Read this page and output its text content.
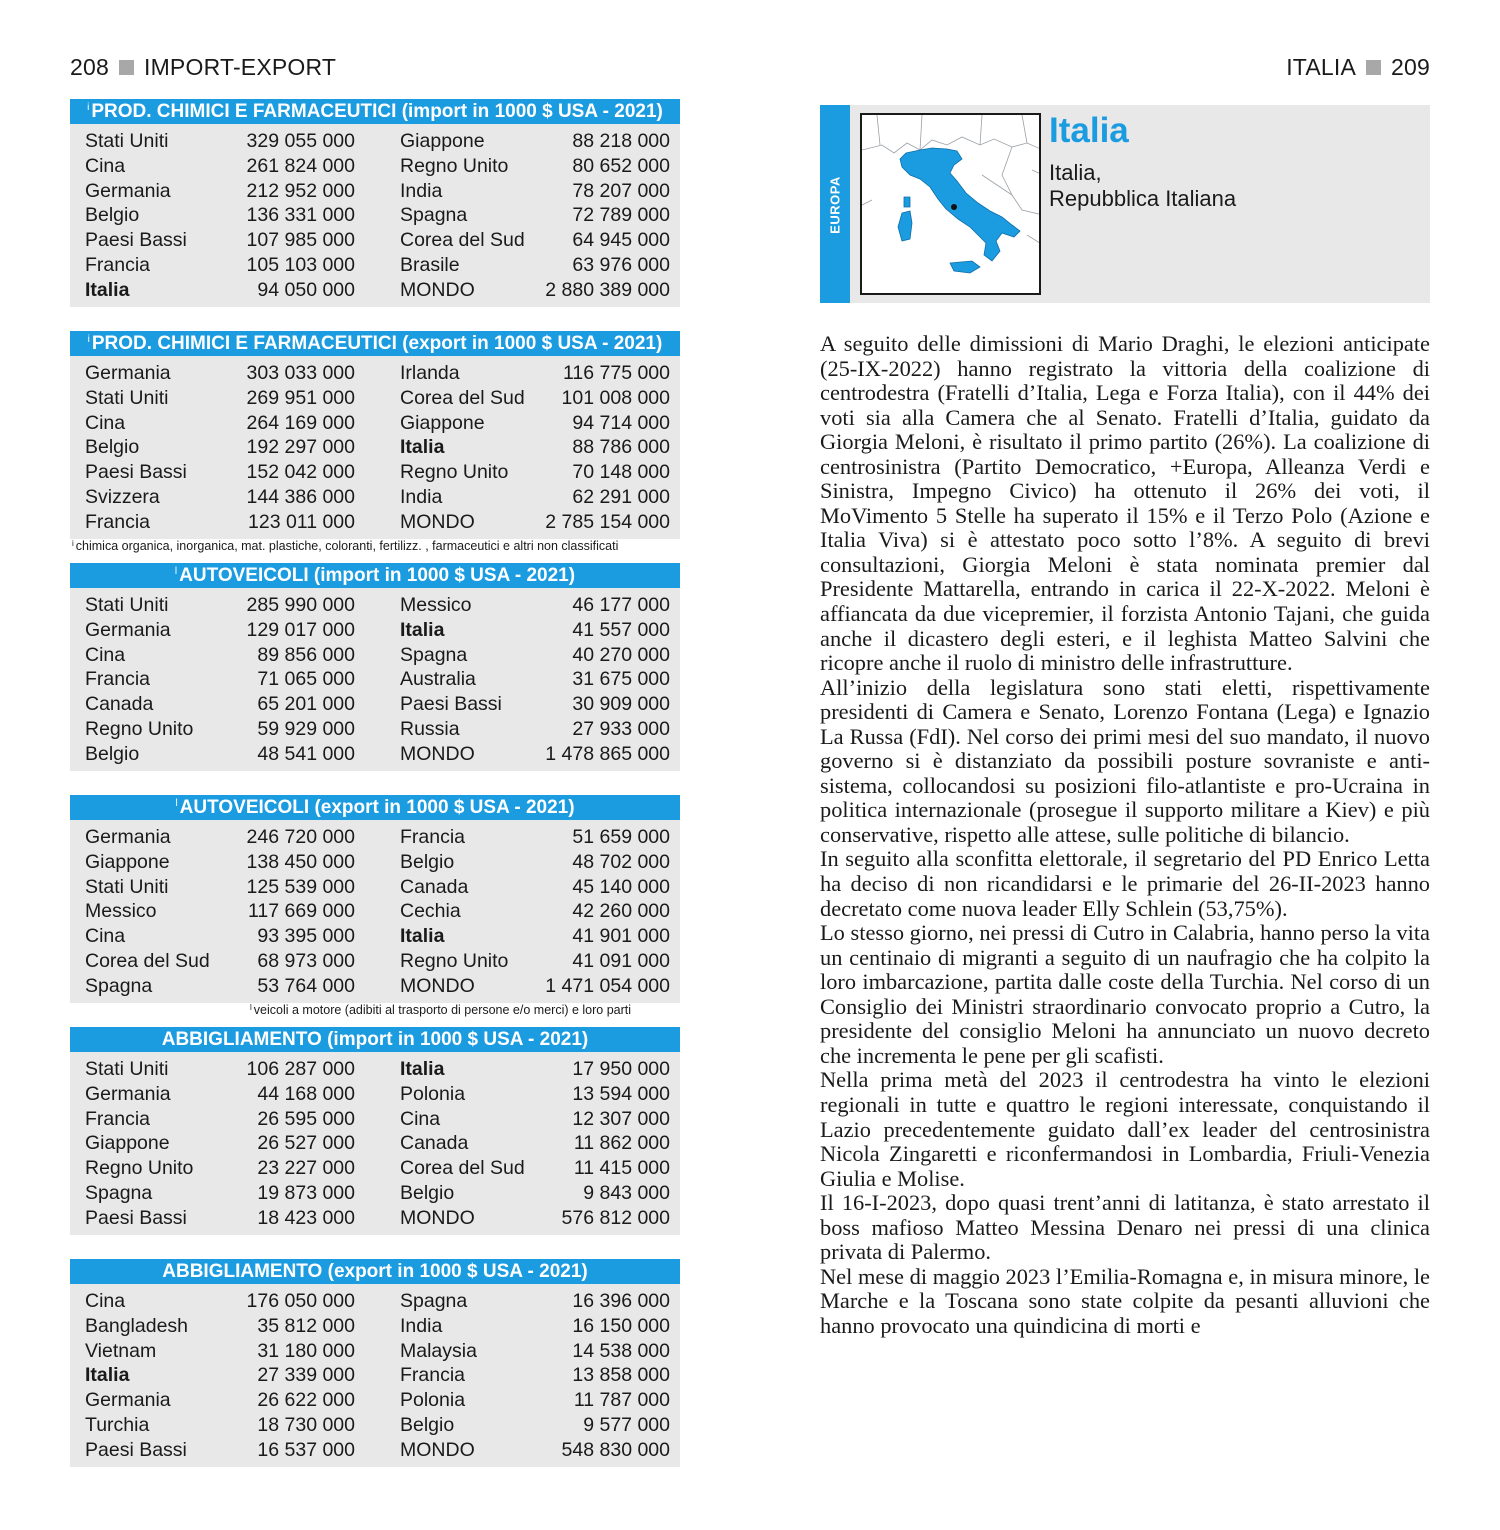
208 IMPORT-EXPORT	ITALIA 209
$^i$ PROD. CHIMICI E FARMACEUTICI (import in 1000 $ USA - 2021)
Stati Uniti	329 055 000	Giappone	88 218 000
Cina	261 824 000	Regno Unito	80 652 000
Germania	212 952 000	India	78 207 000
Belgio	136 331 000	Spagna	72 789 000
Paesi Bassi	107 985 000	Corea del Sud	64 945 000
Francia	105 103 000	Brasile	63 976 000
Italia	94 050 000	MONDO	2 880 389 000
$^i$ PROD. CHIMICI E FARMACEUTICI (export in 1000 $ USA - 2021)
Germania	303 033 000	Irlanda	116 775 000
Stati Uniti	269 951 000	Corea del Sud	101 008 000
Cina	264 169 000	Giappone	94 714 000
Belgio	192 297 000	Italia	88 786 000
Paesi Bassi	152 042 000	Regno Unito	70 148 000
Svizzera	144 386 000	India	62 291 000
Francia	123 011 000	MONDO	2 785 154 000
$^i$ chimica organica, inorganica, mat. plastiche, coloranti, fertilizz. , farmaceutici e altri non classificati
$^l$ AUTOVEICOLI (import in 1000 $ USA - 2021)
Stati Uniti	285 990 000	Messico	46 177 000
Germania	129 017 000	Italia	41 557 000
Cina	89 856 000	Spagna	40 270 000
Francia	71 065 000	Australia	31 675 000
Canada	65 201 000	Paesi Bassi	30 909 000
Regno Unito	59 929 000	Russia	27 933 000
Belgio	48 541 000	MONDO	1 478 865 000
$^l$ AUTOVEICOLI (export in 1000 $ USA - 2021)
Germania	246 720 000	Francia	51 659 000
Giappone	138 450 000	Belgio	48 702 000
Stati Uniti	125 539 000	Canada	45 140 000
Messico	117 669 000	Cechia	42 260 000
Cina	93 395 000	Italia	41 901 000
Corea del Sud	68 973 000	Regno Unito	41 091 000
Spagna	53 764 000	MONDO	1 471 054 000
$^l$ veicoli a motore (adibiti al trasporto di persone e/o merci) e loro parti
ABBIGLIAMENTO (import in 1000 $ USA - 2021)
Stati Uniti	106 287 000	Italia	17 950 000
Germania	44 168 000	Polonia	13 594 000
Francia	26 595 000	Cina	12 307 000
Giappone	26 527 000	Canada	11 862 000
Regno Unito	23 227 000	Corea del Sud	11 415 000
Spagna	19 873 000	Belgio	9 843 000
Paesi Bassi	18 423 000	MONDO	576 812 000
ABBIGLIAMENTO (export in 1000 $ USA - 2021)
Cina	176 050 000	Spagna	16 396 000
Bangladesh	35 812 000	India	16 150 000
Vietnam	31 180 000	Malaysia	14 538 000
Italia	27 339 000	Francia	13 858 000
Germania	26 622 000	Polonia	11 787 000
Turchia	18 730 000	Belgio	9 577 000
Paesi Bassi	16 537 000	MONDO	548 830 000
EUROPA
Italia
Italia,
Repubblica Italiana

A seguito delle dimissioni di Mario Draghi, le elezioni anticipate (25-IX-2022) hanno registrato la vittoria della coalizione di centrodestra (Fratelli d’Italia, Lega e Forza Italia), con il 44% dei voti sia alla Camera che al Senato. Fratelli d’Italia, guidato da Giorgia Meloni, è risultato il primo partito (26%). La coalizione di centrosinistra (Partito Democratico, +Europa, Alleanza Verdi e Sinistra, Impegno Civico) ha ottenuto il 26% dei voti, il MoVimento 5 Stelle ha superato il 15% e il Terzo Polo (Azione e Italia Viva) si è attestato poco sotto l’8%. A seguito di brevi consultazioni, Giorgia Meloni è stata nominata premier dal Presidente Mattarella, entrando in carica il 22-X-2022. Meloni è affiancata da due vicepremier, il forzista Antonio Tajani, che guida anche il dicastero degli esteri, e il leghista Matteo Salvini che ricopre anche il ruolo di ministro delle infrastrutture.

All’inizio della legislatura sono stati eletti, rispettivamente presidenti di Camera e Senato, Lorenzo Fontana (Lega) e Ignazio La Russa (FdI). Nel corso dei primi mesi del suo mandato, il nuovo governo si è distanziato da possibili posture sovraniste e anti-sistema, collocandosi su posizioni filo-atlantiste e pro-Ucraina in politica internazionale (prosegue il supporto militare a Kiev) e più conservative, rispetto alle attese, sulle politiche di bilancio.

In seguito alla sconfitta elettorale, il segretario del PD Enrico Letta ha deciso di non ricandidarsi e le primarie del 26-II-2023 hanno decretato come nuova leader Elly Schlein (53,75%).

Lo stesso giorno, nei pressi di Cutro in Calabria, hanno perso la vita un centinaio di migranti a seguito di un naufragio che ha colpito la loro imbarcazione, partita dalle coste della Turchia. Nel corso di un Consiglio dei Ministri straordinario convocato proprio a Cutro, la presidente del consiglio Meloni ha annunciato un nuovo decreto che incrementa le pene per gli scafisti.

Nella prima metà del 2023 il centrodestra ha vinto le elezioni regionali in tutte e quattro le regioni interessate, conquistando il Lazio precedentemente guidato dall’ex leader del centrosinistra Nicola Zingaretti e riconfermandosi in Lombardia, Friuli-Venezia Giulia e Molise.

Il 16-I-2023, dopo quasi trent’anni di latitanza, è stato arrestato il boss mafioso Matteo Messina Denaro nei pressi di una clinica privata di Palermo.

Nel mese di maggio 2023 l’Emilia-Romagna e, in misura minore, le Marche e la Toscana sono state colpite da pesanti alluvioni che hanno provocato una quindicina di morti e
